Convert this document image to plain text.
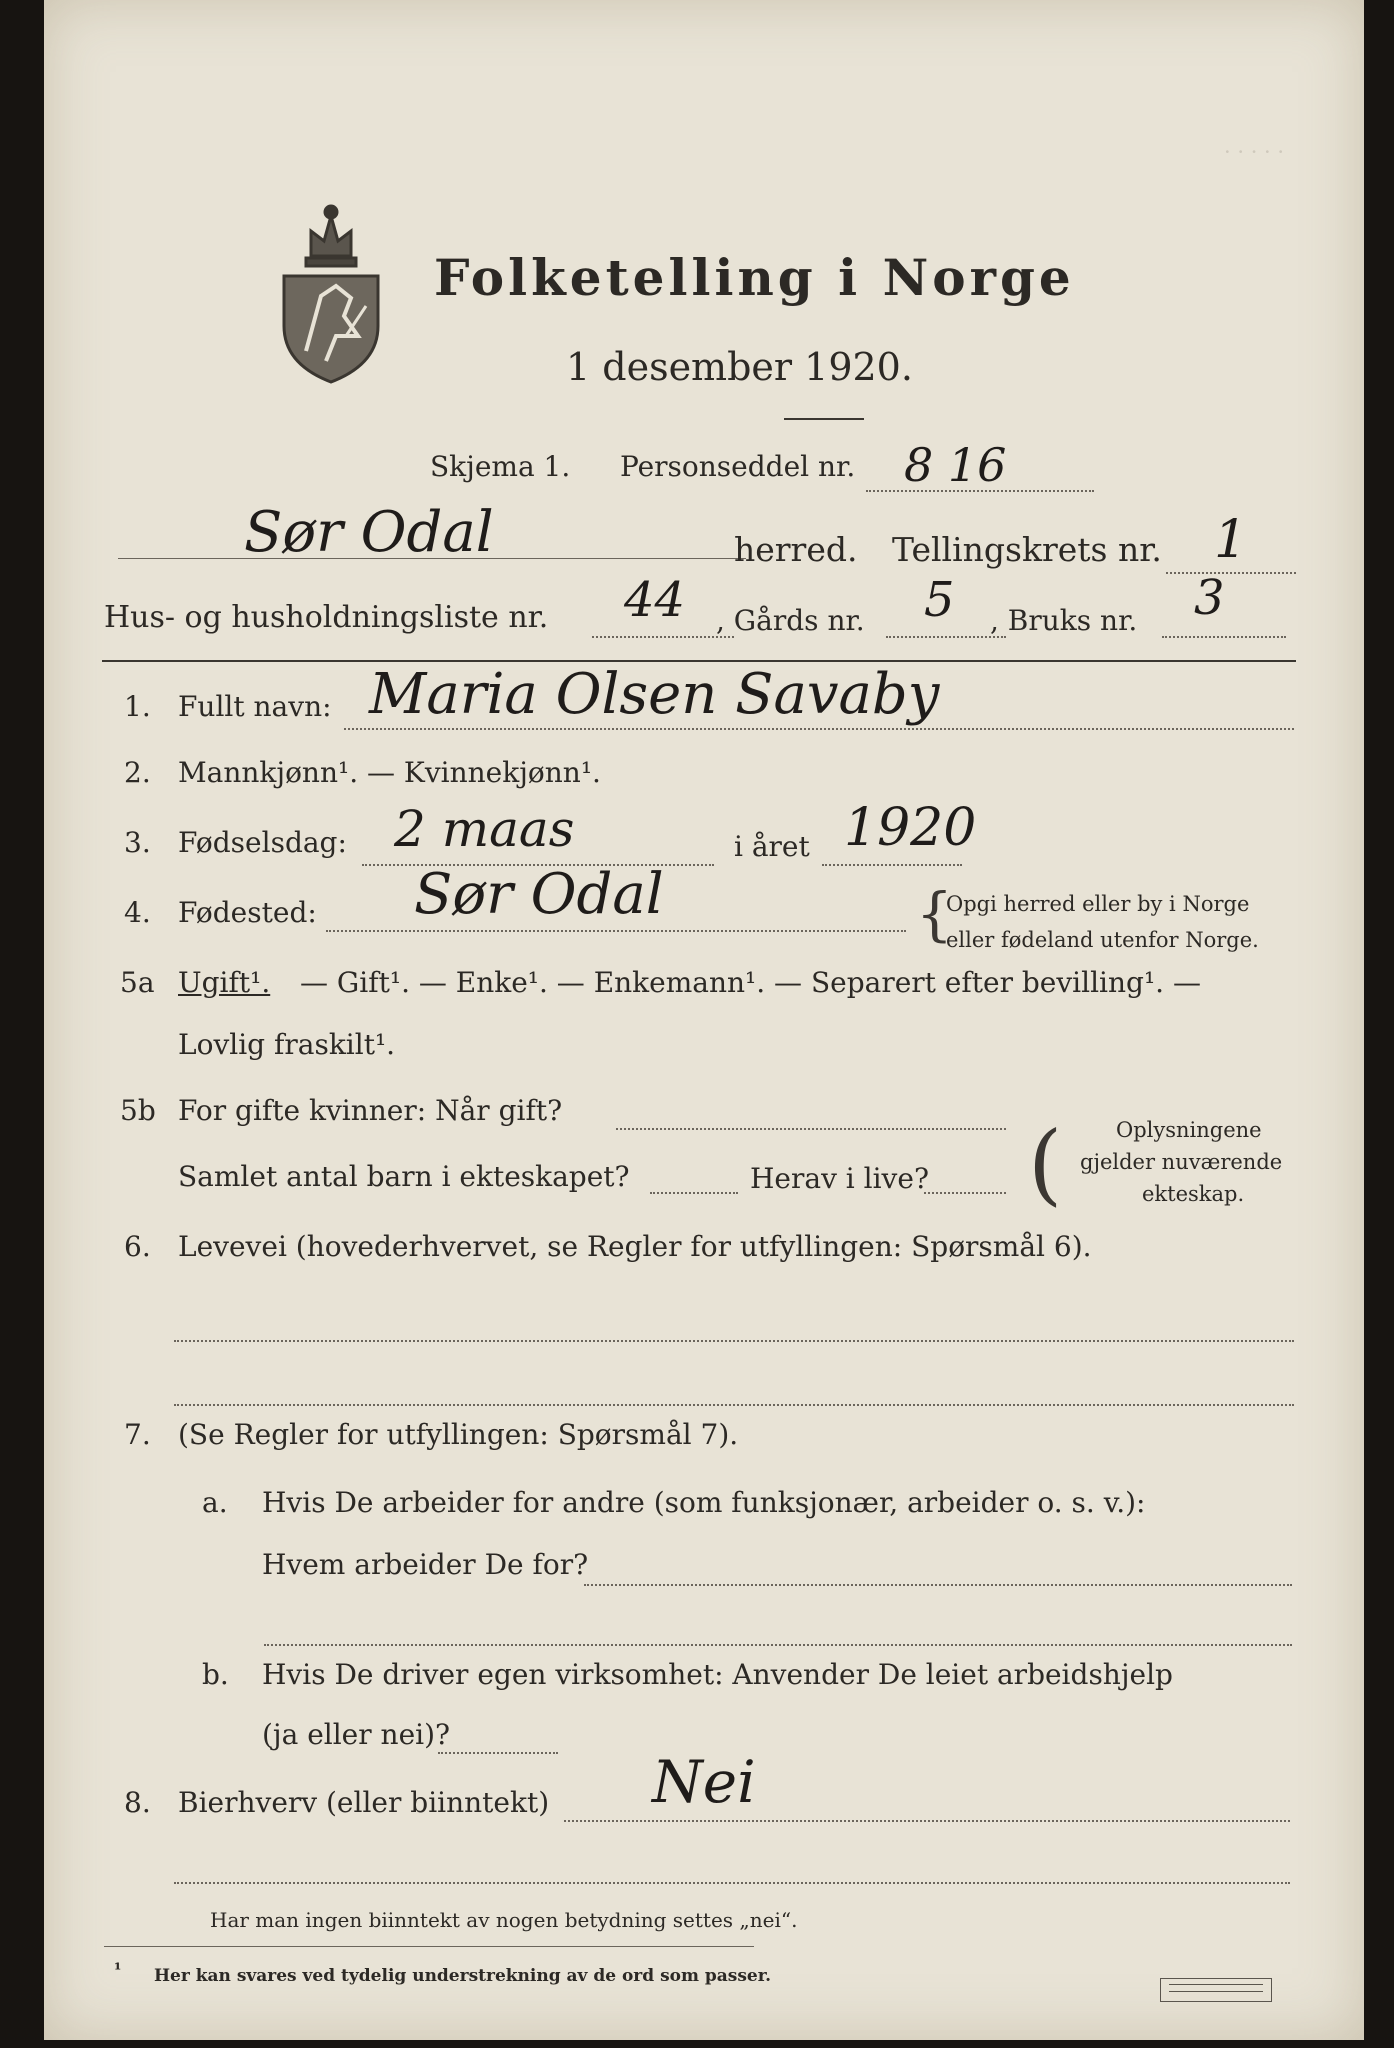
· · · · ·
Folketelling i Norge
1 desember 1920.
Skjema 1. Personseddel nr. 8 16
Sør Odal	herred. Tellingskrets nr. 1
Hus- og husholdningsliste nr. 44 , Gårds nr. 5 , Bruks nr. 3
1. Fullt navn: Maria Olsen Savaby
2. Mannkjønn¹. — Kvinnekjønn¹.
3. Fødselsdag: 2 maas	i året 1920
4. Fødested: Sør Odal	{
Opgi herred eller by i Norge
eller fødeland utenfor Norge.
5a Ugift¹. — Gift¹. — Enke¹. — Enkemann¹. — Separert efter bevilling¹. —
Lovlig fraskilt¹.
5b For gifte kvinner: Når gift?
Samlet antal barn i ekteskapet?	Herav i live? (	Oplysningene
gjelder nuværende
ekteskap.
6. Levevei (hovederhvervet, se Regler for utfyllingen: Spørsmål 6).
7. (Se Regler for utfyllingen: Spørsmål 7).
a. Hvis De arbeider for andre (som funksjonær, arbeider o. s. v.):
Hvem arbeider De for?
b. Hvis De driver egen virksomhet: Anvender De leiet arbeidshjelp
(ja eller nei)?
8. Bierhverv (eller biinntekt) Nei
Har man ingen biinntekt av nogen betydning settes „nei“.
¹ Her kan svares ved tydelig understrekning av de ord som passer.
